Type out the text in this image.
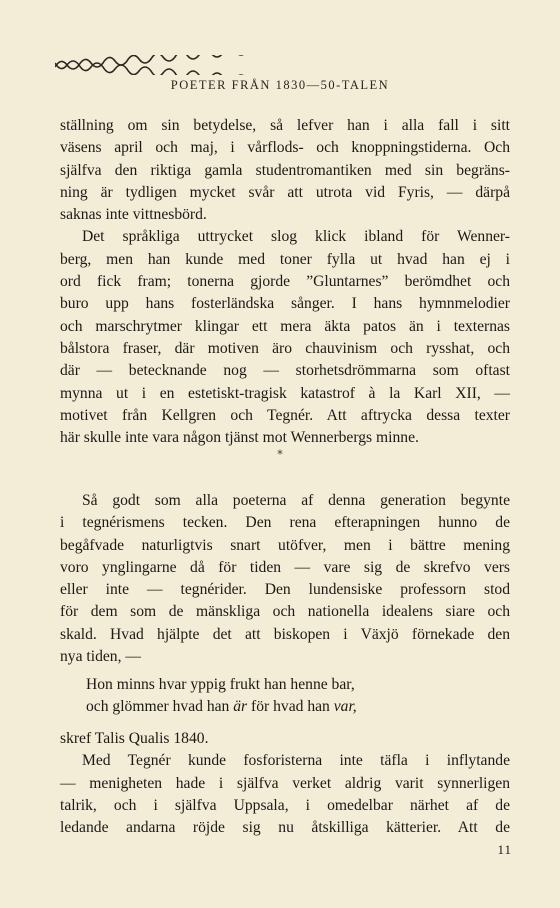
POETER FRÅN 1830—50-TALEN

ställning om sin betydelse, så lefver han i alla fall i sitt
väsens april och maj, i vårflods- och knoppningstiderna. Och
själfva den riktiga gamla studentromantiken med sin begräns-
ning är tydligen mycket svår att utrota vid Fyris, — därpå
saknas inte vittnesbörd.
Det språkliga uttrycket slog klick ibland för Wenner-
berg, men han kunde med toner fylla ut hvad han ej i
ord fick fram; tonerna gjorde ”Gluntarnes” berömdhet och
buro upp hans fosterländska sånger. I hans hymnmelodier
och marschrytmer klingar ett mera äkta patos än i texternas
bålstora fraser, där motiven äro chauvinism och rysshat, och
där — betecknande nog — storhetsdrömmarna som oftast
mynna ut i en estetiskt-tragisk katastrof à la Karl XII, —
motivet från Kellgren och Tegnér. Att aftrycka dessa texter
här skulle inte vara någon tjänst mot Wennerbergs minne.

*

Så godt som alla poeterna af denna generation begynte
i tegnérismens tecken. Den rena efterapningen hunno de
begåfvade naturligtvis snart utöfver, men i bättre mening
voro ynglingarne då för tiden — vare sig de skrefvo vers
eller inte — tegnérider. Den lundensiske professorn stod
för dem som de mänskliga och nationella idealens siare och
skald. Hvad hjälpte det att biskopen i Växjö förnekade den
nya tiden, —

Hon minns hvar yppig frukt han henne bar,
och glömmer hvad han är för hvad han var,

skref Talis Qualis 1840.
Med Tegnér kunde fosforisterna inte täfla i inflytande
— menigheten hade i själfva verket aldrig varit synnerligen
talrik, och i själfva Uppsala, i omedelbar närhet af de
ledande andarna röjde sig nu åtskilliga kätterier. Att de

11
